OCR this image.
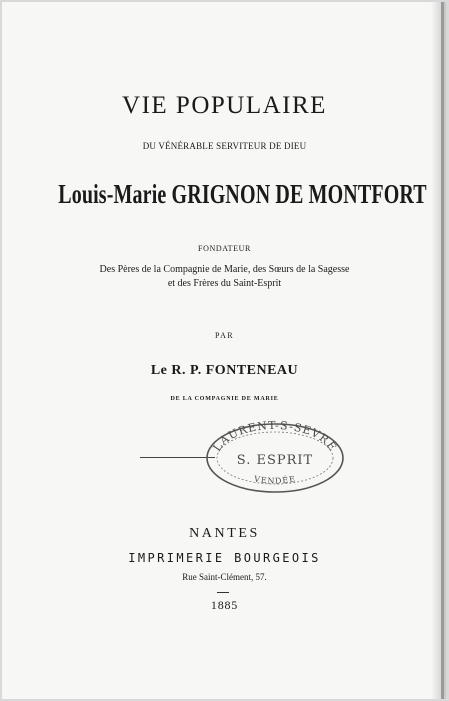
VIE POPULAIRE
DU VÉNÉRABLE SERVITEUR DE DIEU
Louis-Marie GRIGNON DE MONTFORT
FONDATEUR
Des Pères de la Compagnie de Marie, des Sœurs de la Sagesse
et des Frères du Saint-Esprit
PAR
Le R. P. FONTENEAU
DE LA COMPAGNIE DE MARIE
LAURENT-S-SEVRE
S. ESPRIT
VENDÉE
NANTES
IMPRIMERIE BOURGEOIS
Rue Saint-Clément, 57.
1885
